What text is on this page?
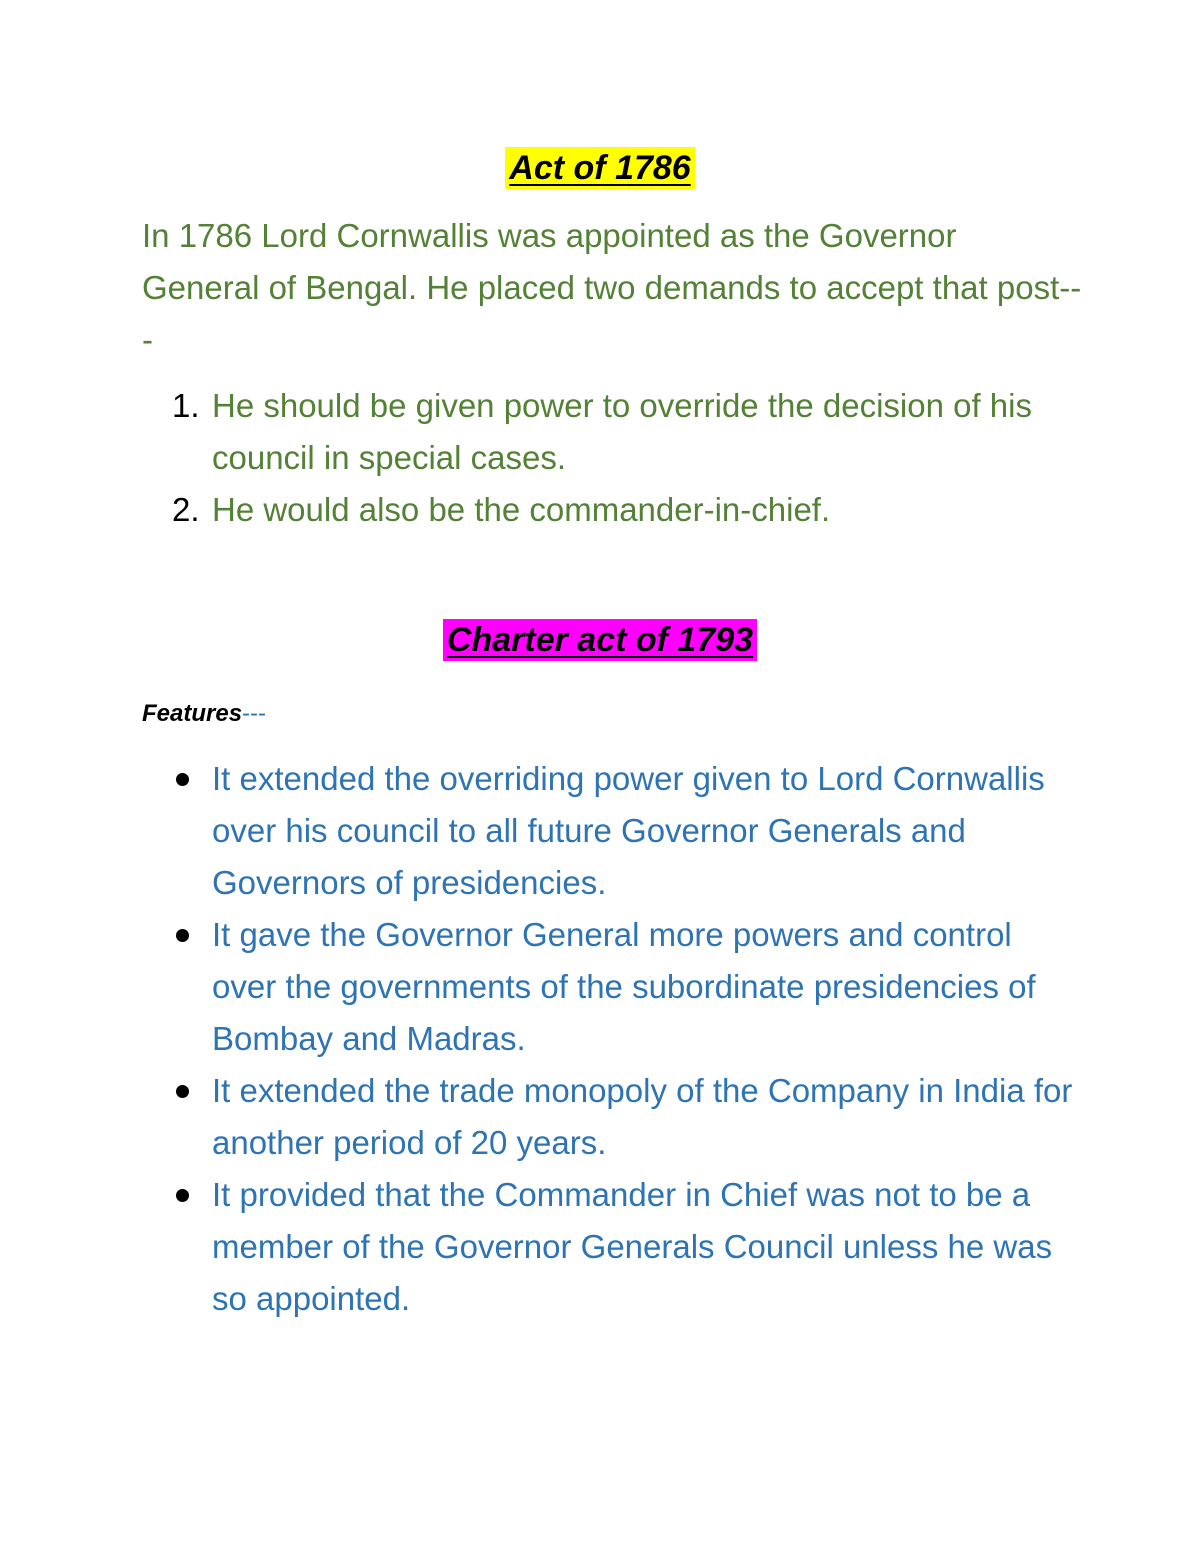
Act of 1786
In 1786 Lord Cornwallis was appointed as the Governor General of Bengal. He placed two demands to accept that post---
1. He should be given power to override the decision of his council in special cases.
2. He would also be the commander-in-chief.
Charter act of 1793
Features---
It extended the overriding power given to Lord Cornwallis over his council to all future Governor Generals and Governors of presidencies.
It gave the Governor General more powers and control over the governments of the subordinate presidencies of Bombay and Madras.
It extended the trade monopoly of the Company in India for another period of 20 years.
It provided that the Commander in Chief was not to be a member of the Governor Generals Council unless he was so appointed.
